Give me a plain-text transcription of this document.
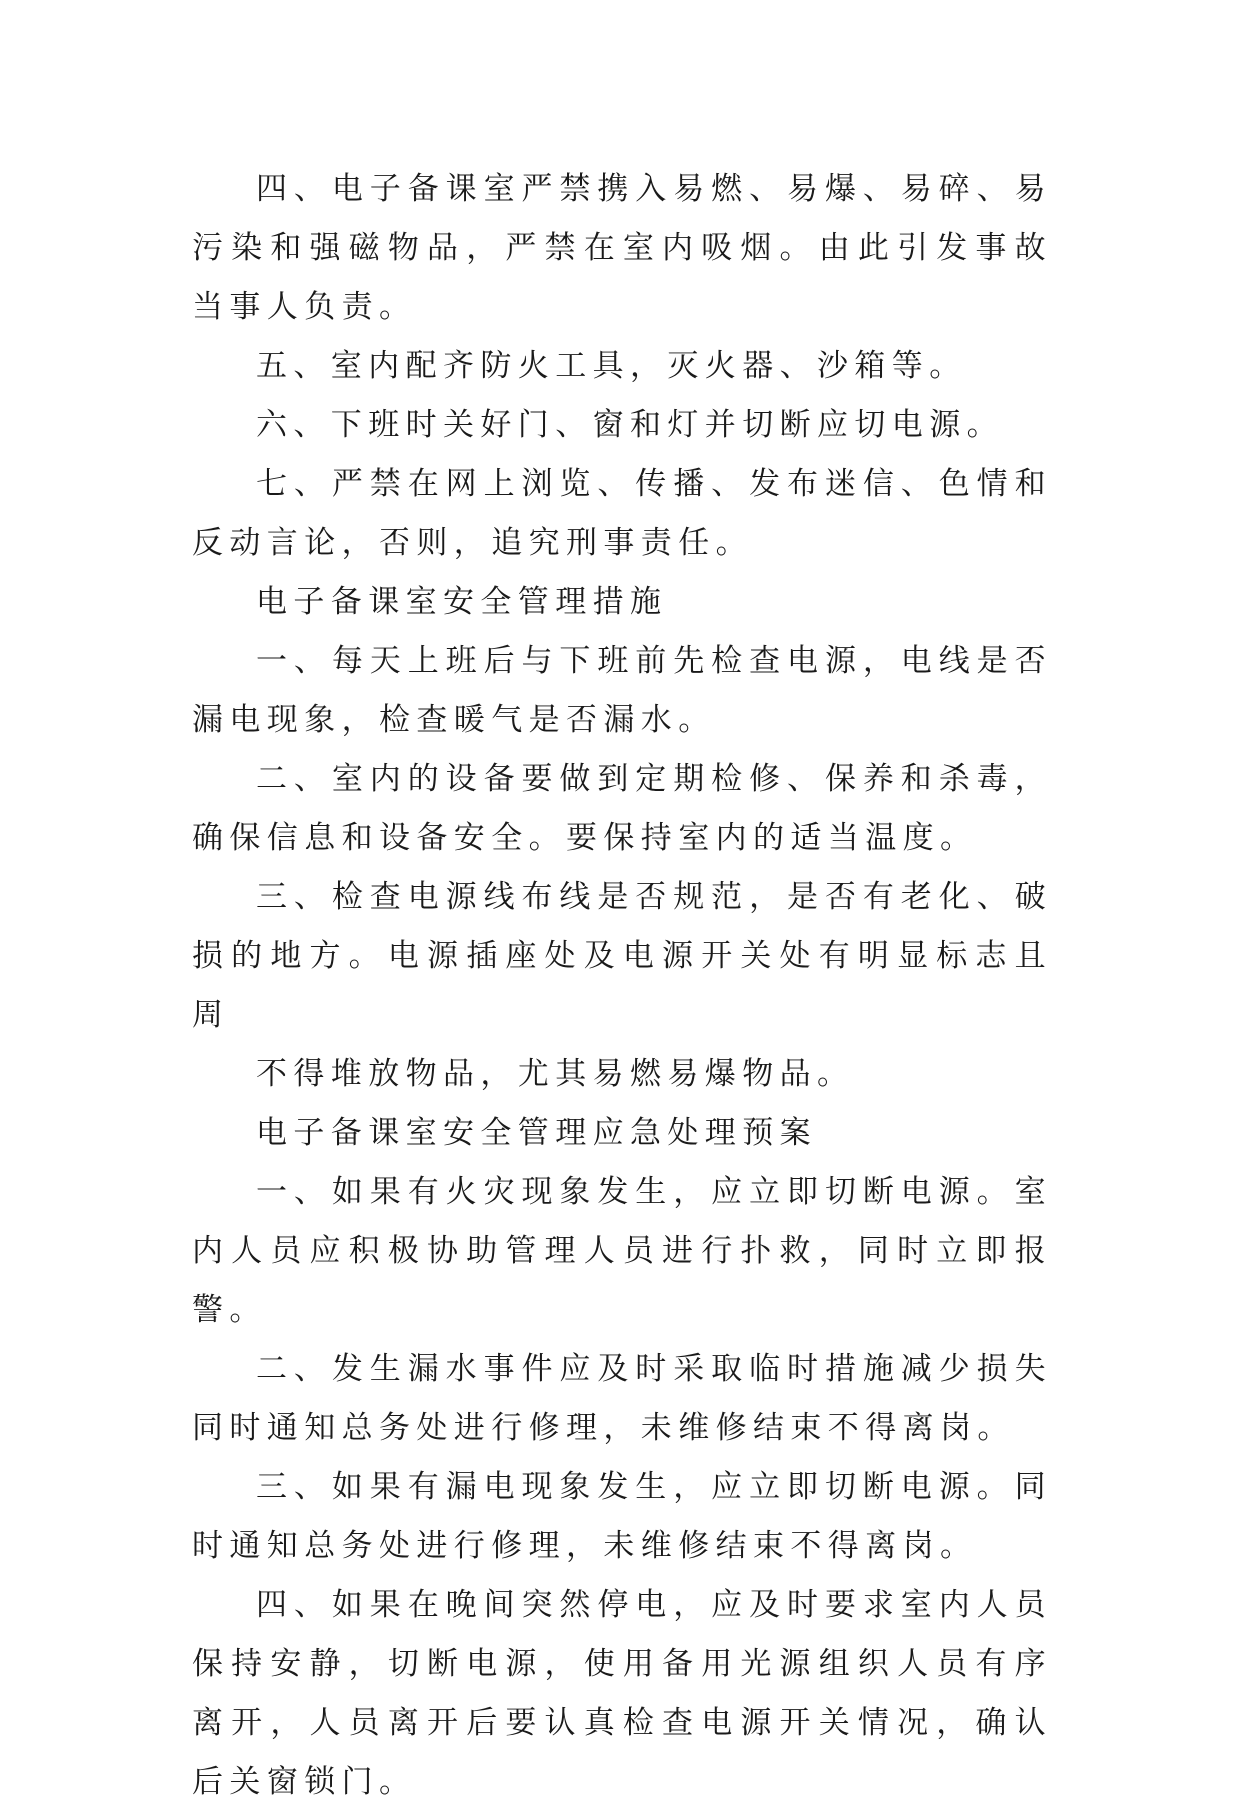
四、电子备课室严禁携入易燃、易爆、易碎、易污染和强磁物品，严禁在室内吸烟。由此引发事故当事人负责。

五、室内配齐防火工具，灭火器、沙箱等。

六、下班时关好门、窗和灯并切断应切电源。

七、严禁在网上浏览、传播、发布迷信、色情和反动言论，否则，追究刑事责任。

电子备课室安全管理措施

一、每天上班后与下班前先检查电源，电线是否漏电现象，检查暖气是否漏水。

二、室内的设备要做到定期检修、保养和杀毒，确保信息和设备安全。要保持室内的适当温度。

三、检查电源线布线是否规范，是否有老化、破损的地方。电源插座处及电源开关处有明显标志且周

不得堆放物品，尤其易燃易爆物品。

电子备课室安全管理应急处理预案

一、如果有火灾现象发生，应立即切断电源。室内人员应积极协助管理人员进行扑救，同时立即报警。

二、发生漏水事件应及时采取临时措施减少损失同时通知总务处进行修理，未维修结束不得离岗。

三、如果有漏电现象发生，应立即切断电源。同时通知总务处进行修理，未维修结束不得离岗。

四、如果在晚间突然停电，应及时要求室内人员保持安静，切断电源，使用备用光源组织人员有序离开，人员离开后要认真检查电源开关情况，确认后关窗锁门。
